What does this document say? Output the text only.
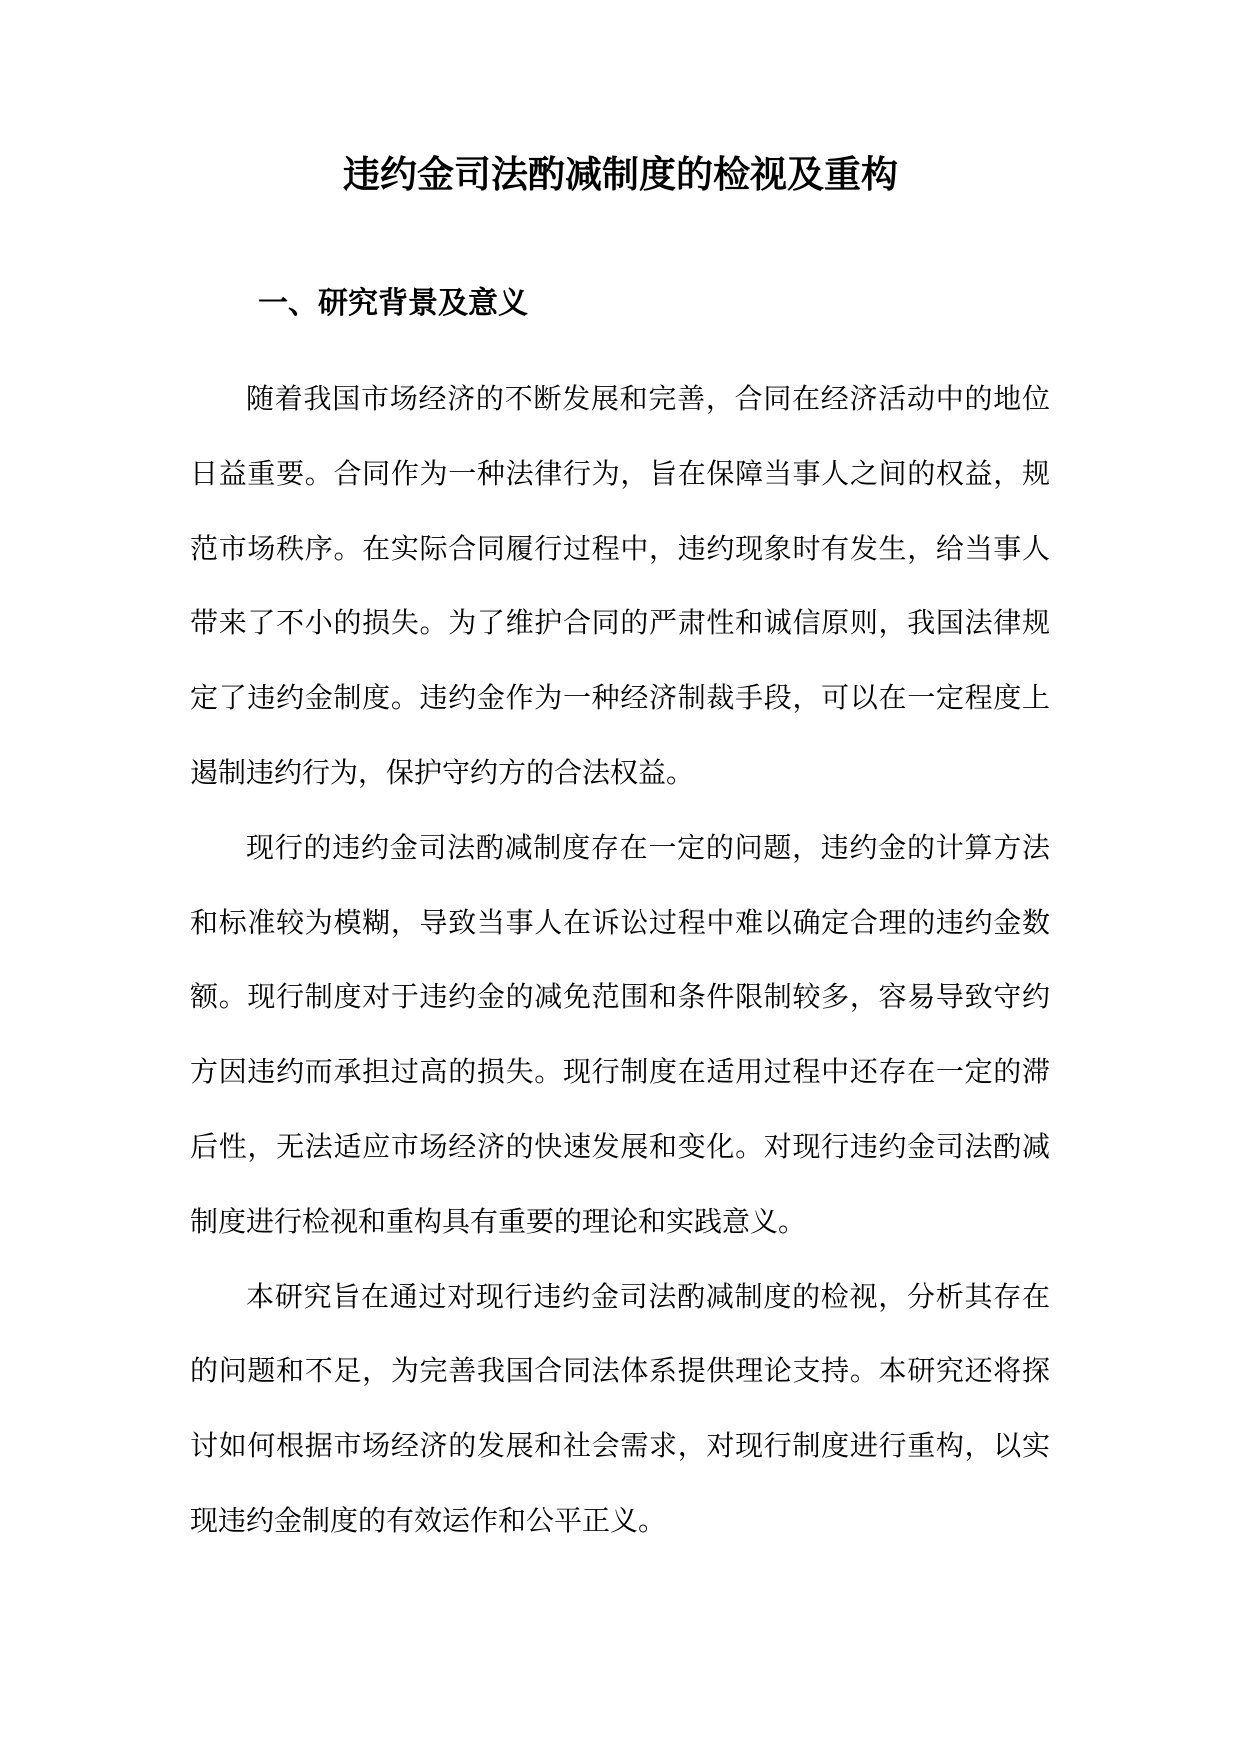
违约金司法酌减制度的检视及重构
一、研究背景及意义

随着我国市场经济的不断发展和完善，合同在经济活动中的地位日益重要。合同作为一种法律行为，旨在保障当事人之间的权益，规范市场秩序。在实际合同履行过程中，违约现象时有发生，给当事人带来了不小的损失。为了维护合同的严肃性和诚信原则，我国法律规定了违约金制度。违约金作为一种经济制裁手段，可以在一定程度上遏制违约行为，保护守约方的合法权益。

现行的违约金司法酌减制度存在一定的问题，违约金的计算方法和标准较为模糊，导致当事人在诉讼过程中难以确定合理的违约金数额。现行制度对于违约金的减免范围和条件限制较多，容易导致守约方因违约而承担过高的损失。现行制度在适用过程中还存在一定的滞后性，无法适应市场经济的快速发展和变化。对现行违约金司法酌减制度进行检视和重构具有重要的理论和实践意义。

本研究旨在通过对现行违约金司法酌减制度的检视，分析其存在的问题和不足，为完善我国合同法体系提供理论支持。本研究还将探讨如何根据市场经济的发展和社会需求，对现行制度进行重构，以实现违约金制度的有效运作和公平正义。
